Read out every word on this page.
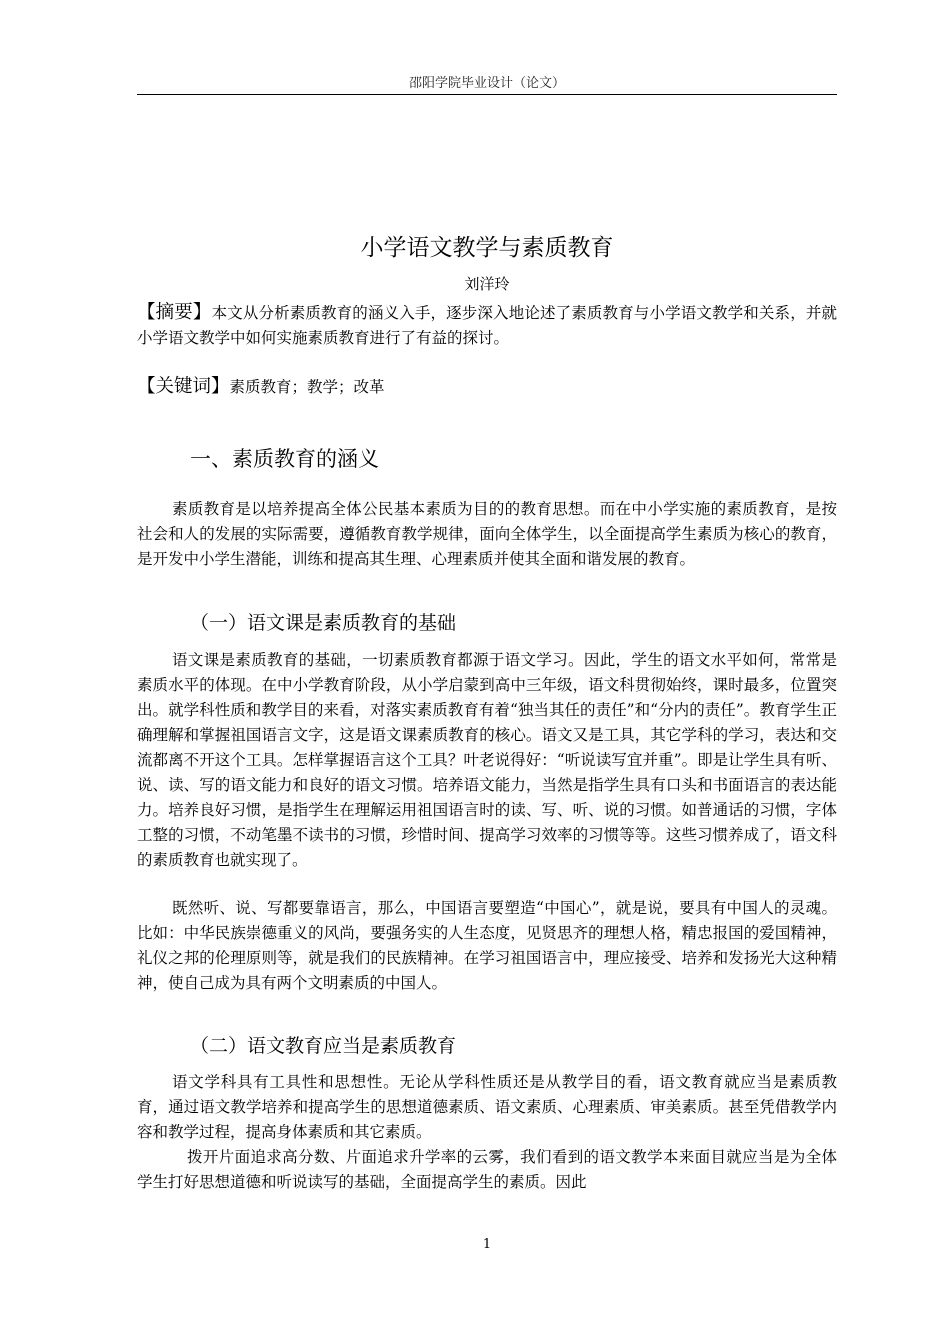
邵阳学院毕业设计（论文）
小学语文教学与素质教育
刘洋玲
【摘要】本文从分析素质教育的涵义入手，逐步深入地论述了素质教育与小学语文教学和关系，并就小学语文教学中如何实施素质教育进行了有益的探讨。
【关键词】素质教育；教学；改革
一、素质教育的涵义
素质教育是以培养提高全体公民基本素质为目的的教育思想。而在中小学实施的素质教育，是按社会和人的发展的实际需要，遵循教育教学规律，面向全体学生，以全面提高学生素质为核心的教育，是开发中小学生潜能，训练和提高其生理、心理素质并使其全面和谐发展的教育。
（一）语文课是素质教育的基础
语文课是素质教育的基础，一切素质教育都源于语文学习。因此，学生的语文水平如何，常常是素质水平的体现。在中小学教育阶段，从小学启蒙到高中三年级，语文科贯彻始终，课时最多，位置突出。就学科性质和教学目的来看，对落实素质教育有着“独当其任的责任”和“分内的责任”。教育学生正确理解和掌握祖国语言文字，这是语文课素质教育的核心。语文又是工具，其它学科的学习，表达和交流都离不开这个工具。怎样掌握语言这个工具？叶老说得好：“听说读写宜并重”。即是让学生具有听、说、读、写的语文能力和良好的语文习惯。培养语文能力，当然是指学生具有口头和书面语言的表达能力。培养良好习惯，是指学生在理解运用祖国语言时的读、写、听、说的习惯。如普通话的习惯，字体工整的习惯，不动笔墨不读书的习惯，珍惜时间、提高学习效率的习惯等等。这些习惯养成了，语文科的素质教育也就实现了。
既然听、说、写都要靠语言，那么，中国语言要塑造“中国心”，就是说，要具有中国人的灵魂。比如：中华民族崇德重义的风尚，要强务实的人生态度，见贤思齐的理想人格，精忠报国的爱国精神，礼仪之邦的伦理原则等，就是我们的民族精神。在学习祖国语言中，理应接受、培养和发扬光大这种精神，使自己成为具有两个文明素质的中国人。
（二）语文教育应当是素质教育
语文学科具有工具性和思想性。无论从学科性质还是从教学目的看，语文教育就应当是素质教育，通过语文教学培养和提高学生的思想道德素质、语文素质、心理素质、审美素质。甚至凭借教学内容和教学过程，提高身体素质和其它素质。
拨开片面追求高分数、片面追求升学率的云雾，我们看到的语文教学本来面目就应当是为全体学生打好思想道德和听说读写的基础，全面提高学生的素质。因此
1
